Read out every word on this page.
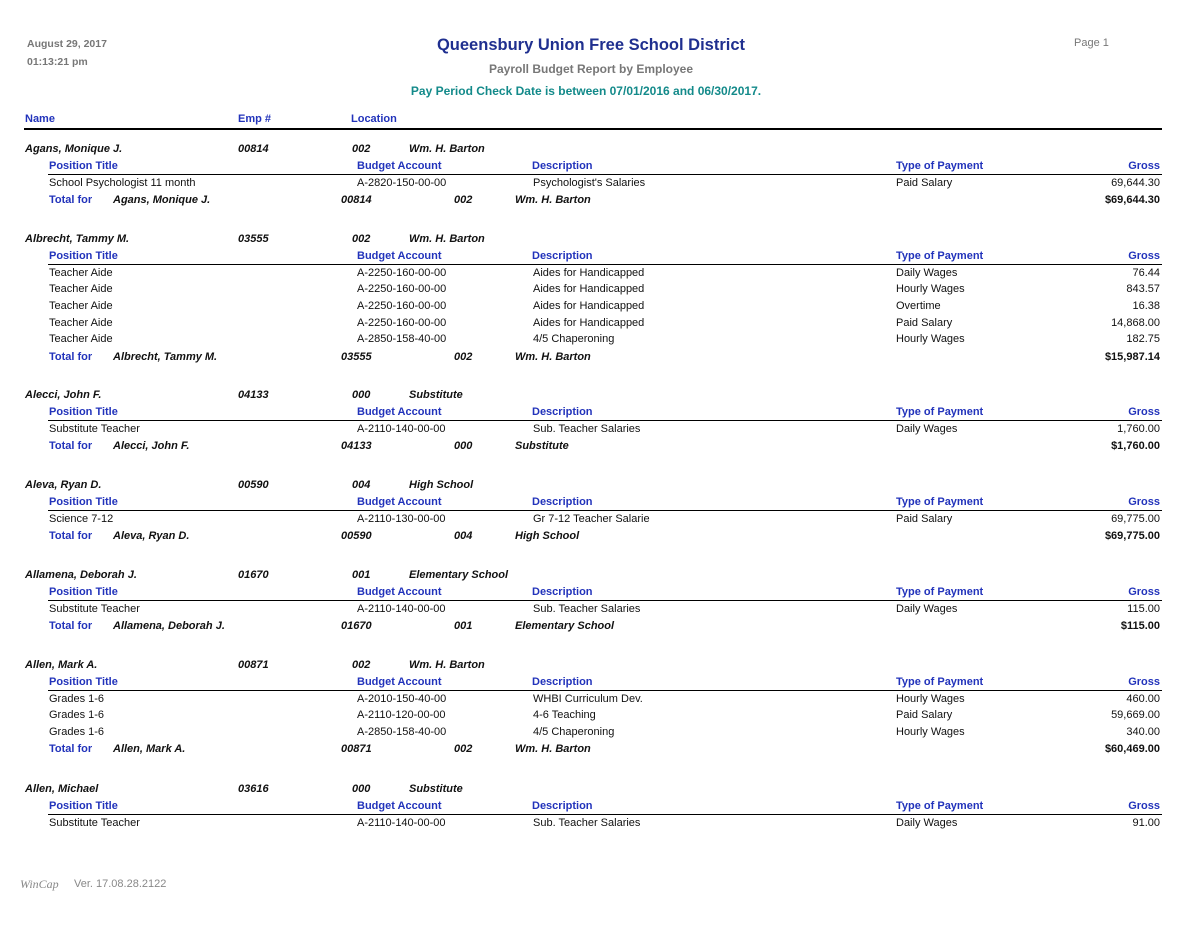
August 29, 2017
01:13:21 pm
Queensbury Union Free School District
Payroll Budget Report by Employee
Pay Period Check Date is between 07/01/2016 and 06/30/2017.
Page 1
Name	Emp #	Location
Agans, Monique J.	00814	002	Wm. H. Barton
Position Title	Budget Account	Description	Type of Payment	Gross
School Psychologist 11 month	A-2820-150-00-00	Psychologist's Salaries	Paid Salary	69,644.30
Total for Agans, Monique J.	00814	002	Wm. H. Barton	$69,644.30
Albrecht, Tammy M.	03555	002	Wm. H. Barton
Position Title	Budget Account	Description	Type of Payment	Gross
Teacher Aide	A-2250-160-00-00	Aides for Handicapped	Daily Wages	76.44
Teacher Aide	A-2250-160-00-00	Aides for Handicapped	Hourly Wages	843.57
Teacher Aide	A-2250-160-00-00	Aides for Handicapped	Overtime	16.38
Teacher Aide	A-2250-160-00-00	Aides for Handicapped	Paid Salary	14,868.00
Teacher Aide	A-2850-158-40-00	4/5 Chaperoning	Hourly Wages	182.75
Total for Albrecht, Tammy M.	03555	002	Wm. H. Barton	$15,987.14
Alecci, John F.	04133	000	Substitute
Position Title	Budget Account	Description	Type of Payment	Gross
Substitute Teacher	A-2110-140-00-00	Sub. Teacher Salaries	Daily Wages	1,760.00
Total for Alecci, John F.	04133	000	Substitute	$1,760.00
Aleva, Ryan D.	00590	004	High School
Position Title	Budget Account	Description	Type of Payment	Gross
Science 7-12	A-2110-130-00-00	Gr 7-12 Teacher Salarie	Paid Salary	69,775.00
Total for Aleva, Ryan D.	00590	004	High School	$69,775.00
Allamena, Deborah J.	01670	001	Elementary School
Position Title	Budget Account	Description	Type of Payment	Gross
Substitute Teacher	A-2110-140-00-00	Sub. Teacher Salaries	Daily Wages	115.00
Total for Allamena, Deborah J.	01670	001	Elementary School	$115.00
Allen, Mark A.	00871	002	Wm. H. Barton
Position Title	Budget Account	Description	Type of Payment	Gross
Grades 1-6	A-2010-150-40-00	WHBI Curriculum Dev.	Hourly Wages	460.00
Grades 1-6	A-2110-120-00-00	4-6 Teaching	Paid Salary	59,669.00
Grades 1-6	A-2850-158-40-00	4/5 Chaperoning	Hourly Wages	340.00
Total for Allen, Mark A.	00871	002	Wm. H. Barton	$60,469.00
Allen, Michael	03616	000	Substitute
Position Title	Budget Account	Description	Type of Payment	Gross
Substitute Teacher	A-2110-140-00-00	Sub. Teacher Salaries	Daily Wages	91.00
WinCap Ver. 17.08.28.2122
